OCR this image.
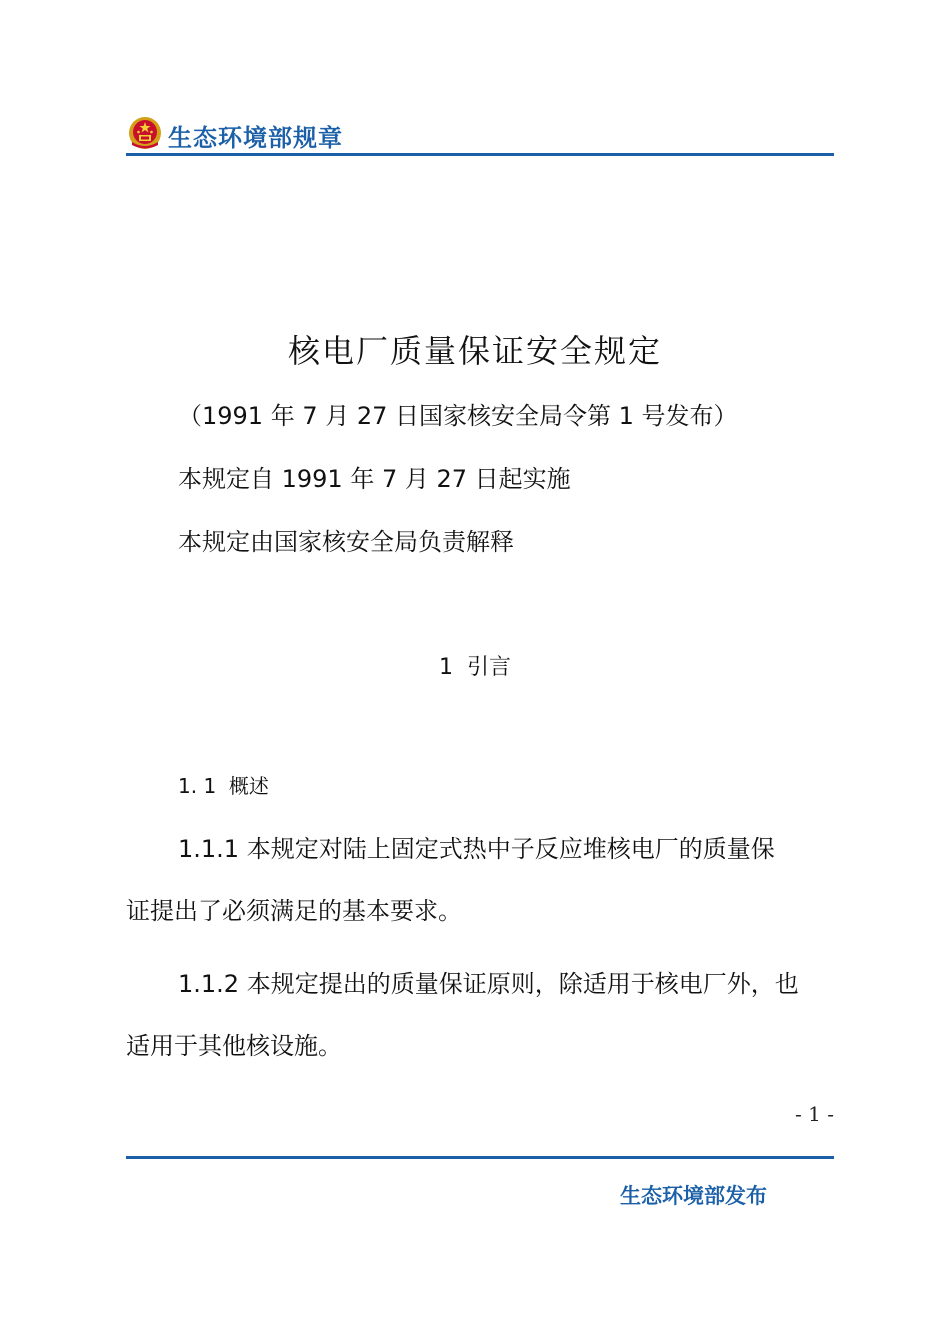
生态环境部规章
核电厂质量保证安全规定
（1991 年 7 月 27 日国家核安全局令第 1 号发布）
本规定自 1991 年 7 月 27 日起实施
本规定由国家核安全局负责解释
1  引言
1. 1  概述
1.1.1 本规定对陆上固定式热中子反应堆核电厂的质量保
证提出了必须满足的基本要求。
1.1.2 本规定提出的质量保证原则，除适用于核电厂外，也
适用于其他核设施。
- 1 -
生态环境部发布
